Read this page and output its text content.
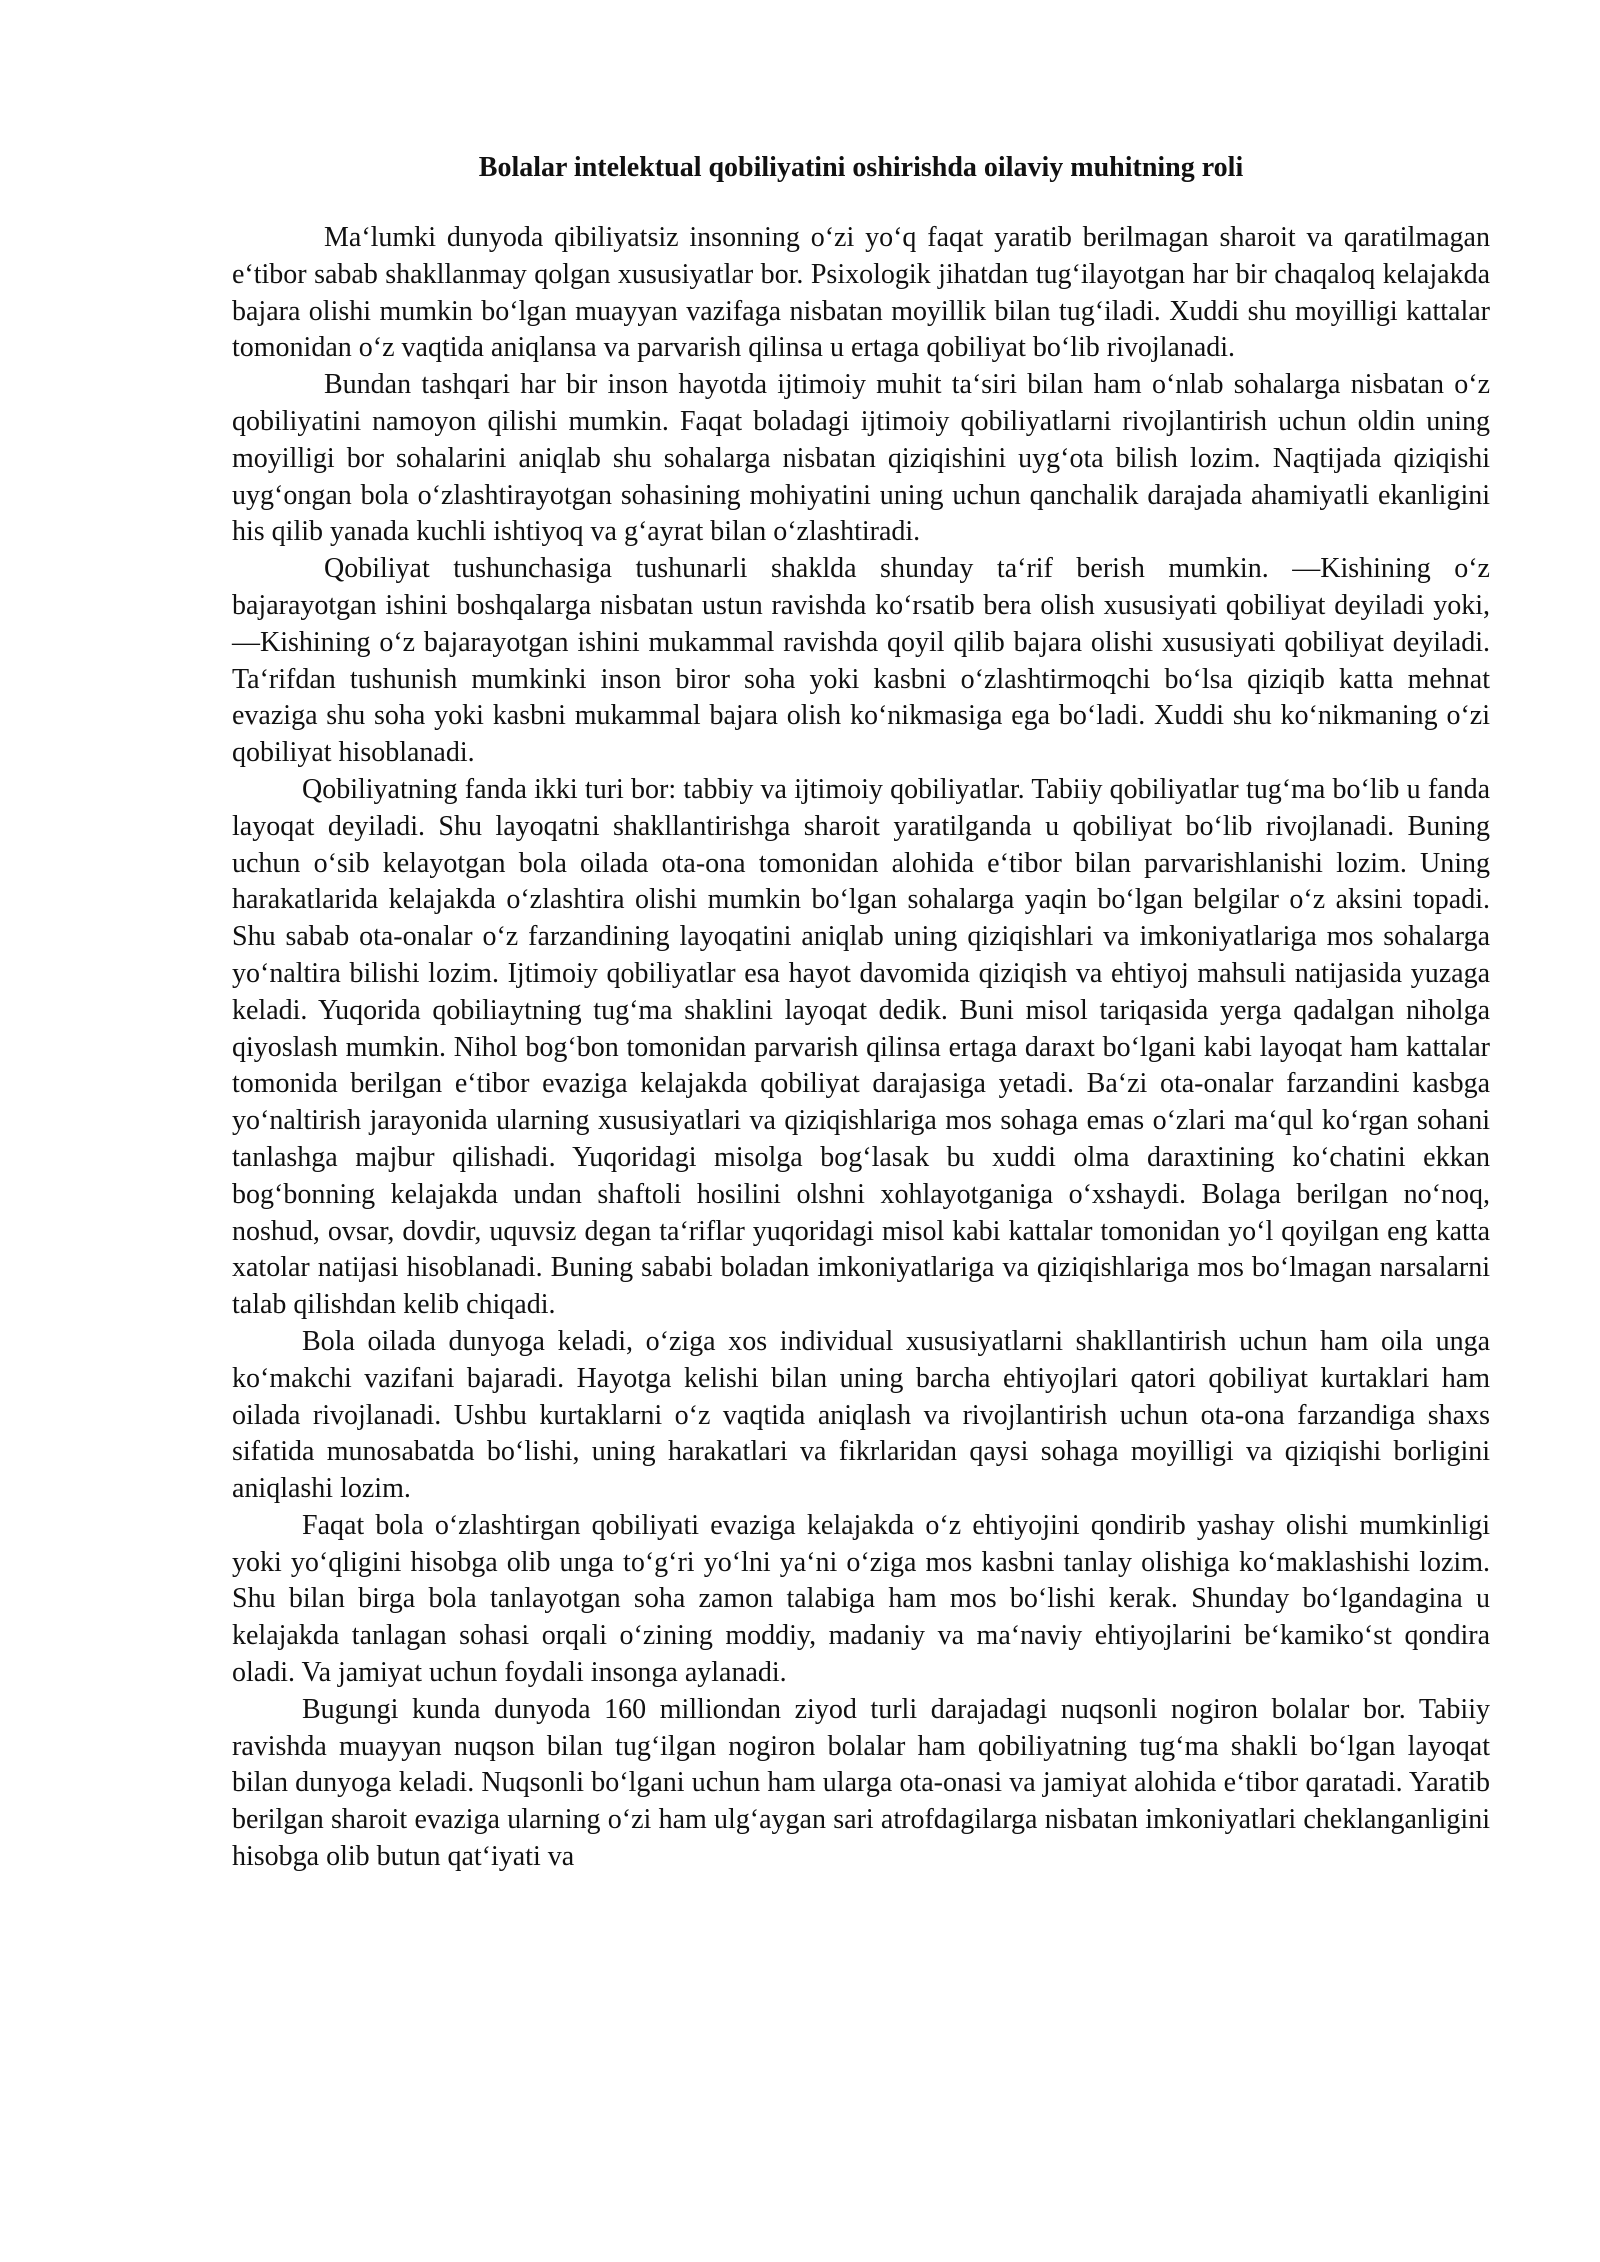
Bolalar intelektual qobiliyatini oshirishda oilaviy muhitning roli

Maʻlumki dunyoda qibiliyatsiz insonning oʻzi yoʻq faqat yaratib berilmagan sharoit va qaratilmagan eʻtibor sabab shakllanmay qolgan xususiyatlar bor. Psixologik jihatdan tugʻilayotgan har bir chaqaloq kelajakda bajara olishi mumkin boʻlgan muayyan vazifaga nisbatan moyillik bilan tugʻiladi. Xuddi shu moyilligi kattalar tomonidan oʻz vaqtida aniqlansa va parvarish qilinsa u ertaga qobiliyat boʻlib rivojlanadi.

Bundan tashqari har bir inson hayotda ijtimoiy muhit taʻsiri bilan ham oʻnlab sohalarga nisbatan oʻz qobiliyatini namoyon qilishi mumkin. Faqat boladagi ijtimoiy qobiliyatlarni rivojlantirish uchun oldin uning moyilligi bor sohalarini aniqlab shu sohalarga nisbatan qiziqishini uygʻota bilish lozim. Naqtijada qiziqishi uygʻongan bola oʻzlashtirayotgan sohasining mohiyatini uning uchun qanchalik darajada ahamiyatli ekanligini his qilib yanada kuchli ishtiyoq va gʻayrat bilan oʻzlashtiradi.

Qobiliyat tushunchasiga tushunarli shaklda shunday taʻrif berish mumkin. ―Kishining oʻz bajarayotgan ishini boshqalarga nisbatan ustun ravishda koʻrsatib bera olish xususiyati qobiliyat deyiladi yoki, ―Kishining oʻz bajarayotgan ishini mukammal ravishda qoyil qilib bajara olishi xususiyati qobiliyat deyiladi. Taʻrifdan tushunish mumkinki inson biror soha yoki kasbni oʻzlashtirmoqchi boʻlsa qiziqib katta mehnat evaziga shu soha yoki kasbni mukammal bajara olish koʻnikmasiga ega boʻladi. Xuddi shu koʻnikmaning oʻzi qobiliyat hisoblanadi.

Qobiliyatning fanda ikki turi bor: tabbiy va ijtimoiy qobiliyatlar. Tabiiy qobiliyatlar tugʻma boʻlib u fanda layoqat deyiladi. Shu layoqatni shakllantirishga sharoit yaratilganda u qobiliyat boʻlib rivojlanadi. Buning uchun oʻsib kelayotgan bola oilada ota-ona tomonidan alohida eʻtibor bilan parvarishlanishi lozim. Uning harakatlarida kelajakda oʻzlashtira olishi mumkin boʻlgan sohalarga yaqin boʻlgan belgilar oʻz aksini topadi. Shu sabab ota-onalar oʻz farzandining layoqatini aniqlab uning qiziqishlari va imkoniyatlariga mos sohalarga yoʻnaltira bilishi lozim. Ijtimoiy qobiliyatlar esa hayot davomida qiziqish va ehtiyoj mahsuli natijasida yuzaga keladi. Yuqorida qobiliaytning tugʻma shaklini layoqat dedik. Buni misol tariqasida yerga qadalgan niholga qiyoslash mumkin. Nihol bogʻbon tomonidan parvarish qilinsa ertaga daraxt boʻlgani kabi layoqat ham kattalar tomonida berilgan eʻtibor evaziga kelajakda qobiliyat darajasiga yetadi. Baʻzi ota-onalar farzandini kasbga yoʻnaltirish jarayonida ularning xususiyatlari va qiziqishlariga mos sohaga emas oʻzlari maʻqul koʻrgan sohani tanlashga majbur qilishadi. Yuqoridagi misolga bogʻlasak bu xuddi olma daraxtining koʻchatini ekkan bogʻbonning kelajakda undan shaftoli hosilini olshni xohlayotganiga oʻxshaydi. Bolaga berilgan noʻnoq, noshud, ovsar, dovdir, uquvsiz degan taʻriflar yuqoridagi misol kabi kattalar tomonidan yoʻl qoyilgan eng katta xatolar natijasi hisoblanadi. Buning sababi boladan imkoniyatlariga va qiziqishlariga mos boʻlmagan narsalarni talab qilishdan kelib chiqadi.

Bola oilada dunyoga keladi, oʻziga xos individual xususiyatlarni shakllantirish uchun ham oila unga koʻmakchi vazifani bajaradi. Hayotga kelishi bilan uning barcha ehtiyojlari qatori qobiliyat kurtaklari ham oilada rivojlanadi. Ushbu kurtaklarni oʻz vaqtida aniqlash va rivojlantirish uchun ota-ona farzandiga shaxs sifatida munosabatda boʻlishi, uning harakatlari va fikrlaridan qaysi sohaga moyilligi va qiziqishi borligini aniqlashi lozim.

Faqat bola oʻzlashtirgan qobiliyati evaziga kelajakda oʻz ehtiyojini qondirib yashay olishi mumkinligi yoki yoʻqligini hisobga olib unga toʻgʻri yoʻlni yaʻni oʻziga mos kasbni tanlay olishiga koʻmaklashishi lozim. Shu bilan birga bola tanlayotgan soha zamon talabiga ham mos boʻlishi kerak. Shunday boʻlgandagina u kelajakda tanlagan sohasi orqali oʻzining moddiy, madaniy va maʻnaviy ehtiyojlarini beʻkamikoʻst qondira oladi. Va jamiyat uchun foydali insonga aylanadi.

Bugungi kunda dunyoda 160 milliondan ziyod turli darajadagi nuqsonli nogiron bolalar bor. Tabiiy ravishda muayyan nuqson bilan tugʻilgan nogiron bolalar ham qobiliyatning tugʻma shakli boʻlgan layoqat bilan dunyoga keladi. Nuqsonli boʻlgani uchun ham ularga ota-onasi va jamiyat alohida eʻtibor qaratadi. Yaratib berilgan sharoit evaziga ularning oʻzi ham ulgʻaygan sari atrofdagilarga nisbatan imkoniyatlari cheklanganligini hisobga olib butun qatʻiyati va
